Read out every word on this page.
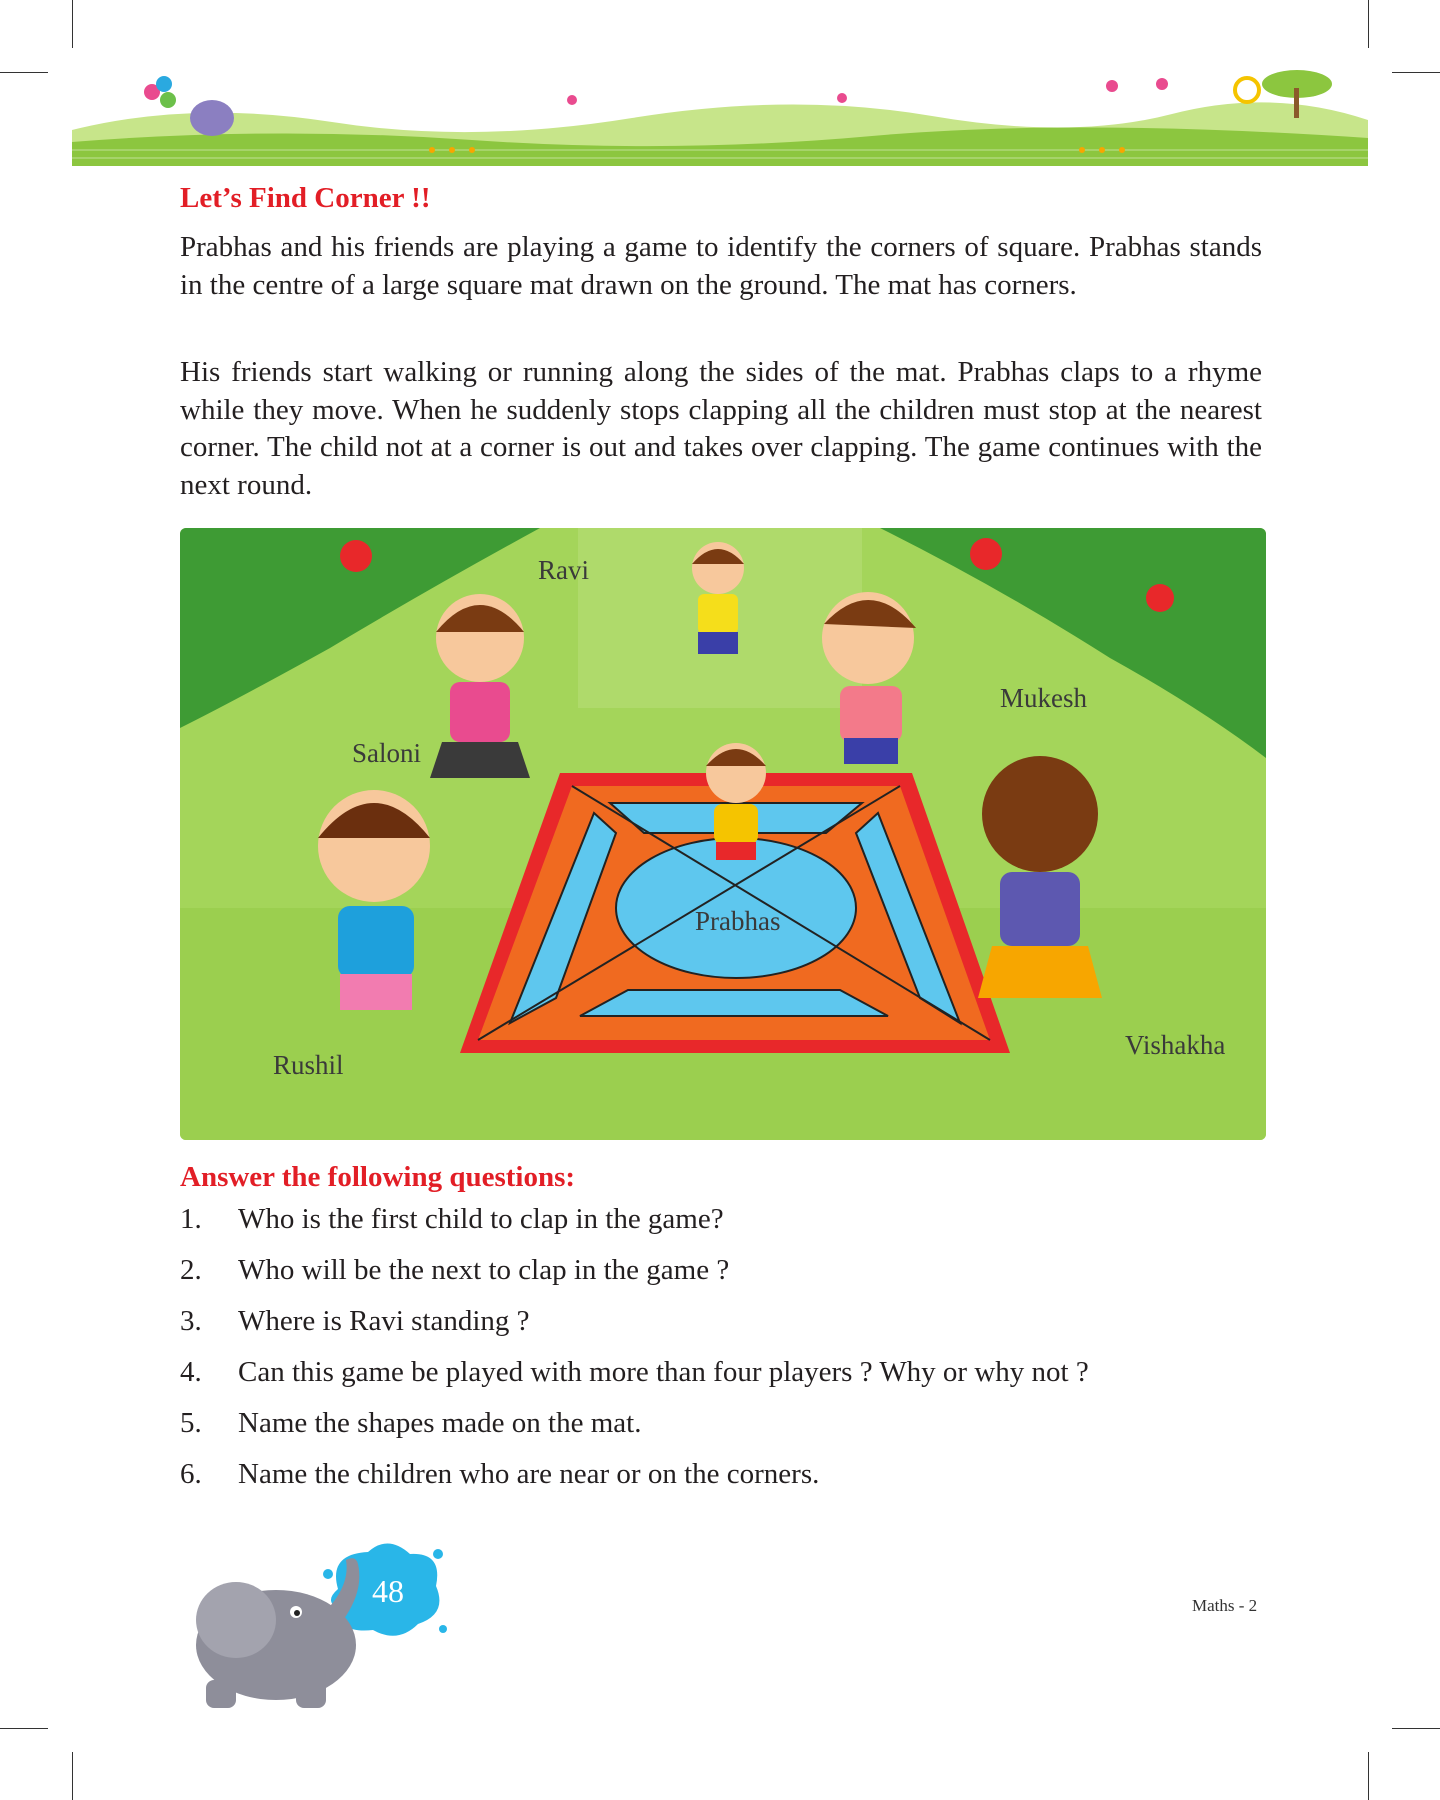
Let’s Find Corner !!

Prabhas and his friends are playing a game to identify the corners of square. Prabhas stands in the centre of a large square mat drawn on the ground. The mat has corners.

His friends start walking or running along the sides of the mat. Prabhas claps to a rhyme while they move. When he suddenly stops clapping all the children must stop at the nearest corner. The child not at a corner is out and takes over clapping. The game continues with the next round.

Ravi
Mukesh
Saloni
Prabhas
Rushil
Vishakha
Answer the following questions:
1.	Who is the first child to clap in the game?
2.	Who will be the next to clap in the game ?
3.	Where is Ravi standing ?
4.	Can this game be played with more than four players ? Why or why not ?
5.	Name the shapes made on the mat.
6.	Name the children who are near or on the corners.
48	Maths - 2
